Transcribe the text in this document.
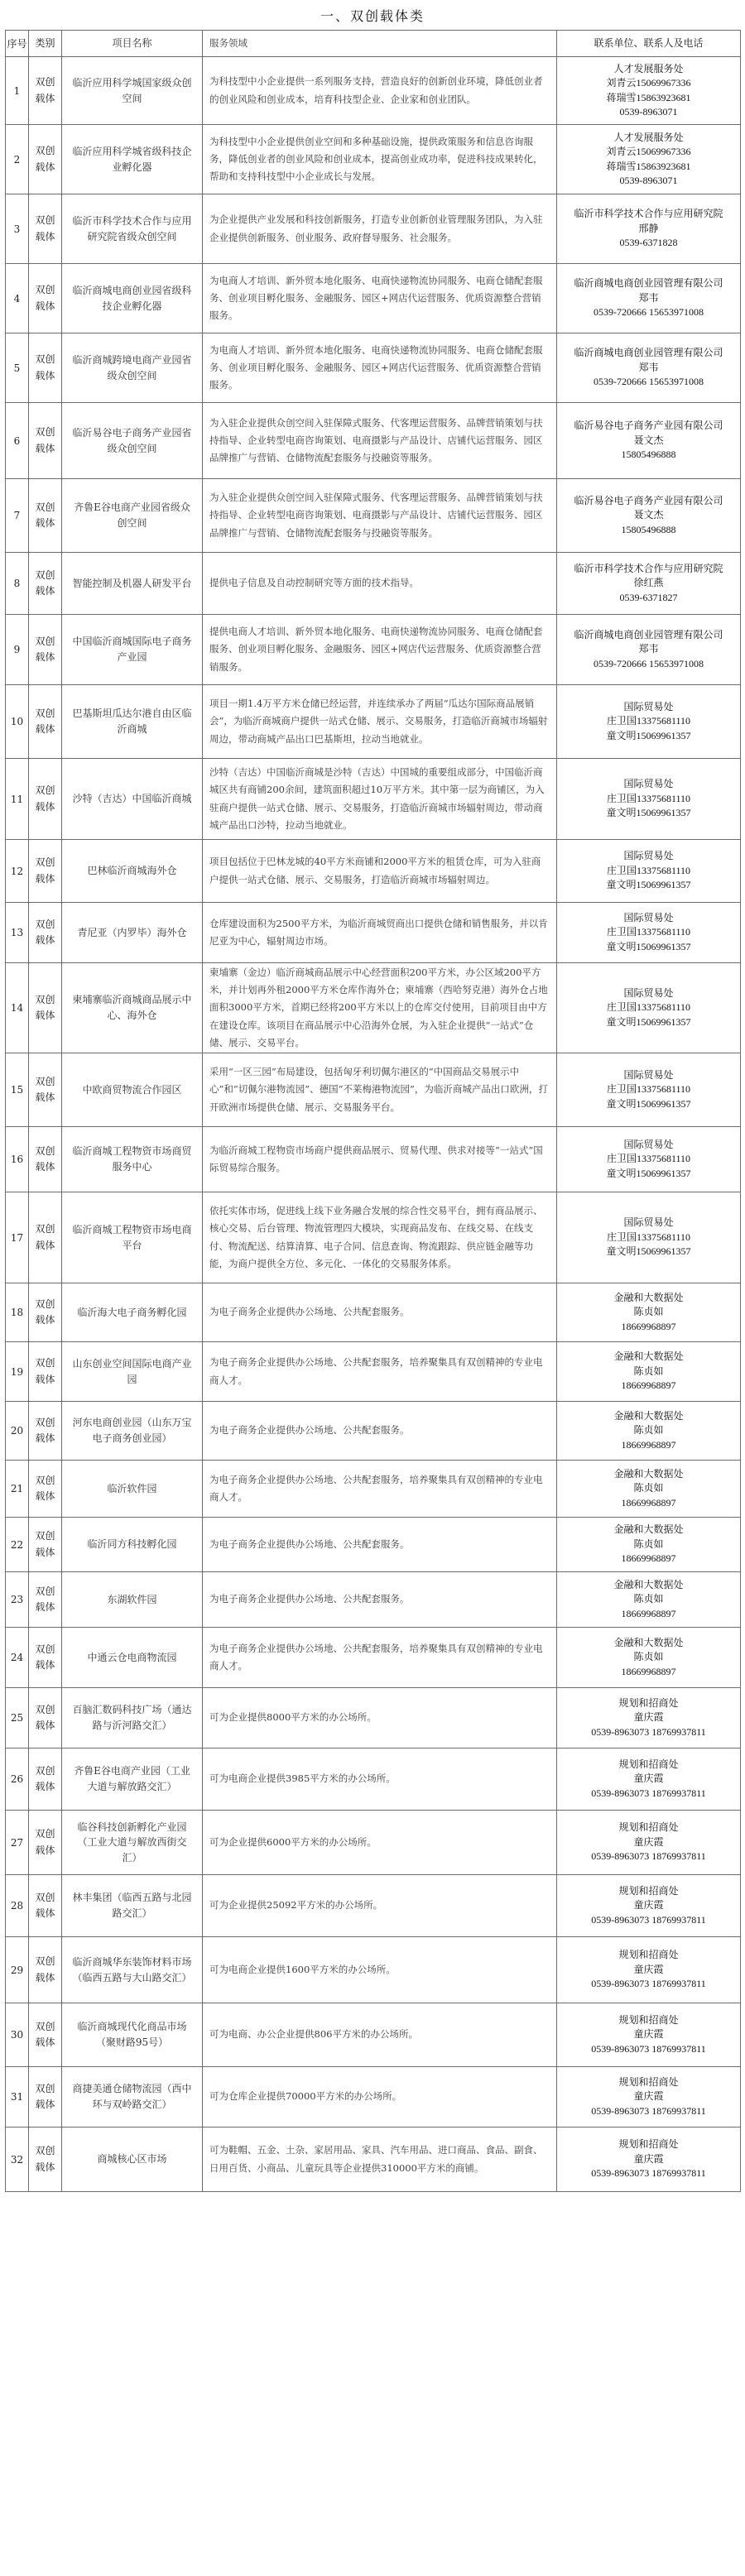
一、双创载体类
序号	类别	项目名称	服务领域	联系单位、联系人及电话
1	双创载体	临沂应用科学城国家级众创空间	为科技型中小企业提供一系列服务支持，营造良好的创新创业环境，降低创业者的创业风险和创业成本，培育科技型企业、企业家和创业团队。	人才发展服务处
刘青云15069967336
蒋瑞雪15863923681
0539-8963071

2	双创载体	临沂应用科学城省级科技企业孵化器	为科技型中小企业提供创业空间和多种基础设施，提供政策服务和信息咨询服务，降低创业者的创业风险和创业成本，提高创业成功率，促进科技成果转化，帮助和支持科技型中小企业成长与发展。	人才发展服务处
刘青云15069967336
蒋瑞雪15863923681
0539-8963071

3	双创载体	临沂市科学技术合作与应用研究院省级众创空间	为企业提供产业发展和科技创新服务，打造专业创新创业管理服务团队，为入驻企业提供创新服务、创业服务、政府督导服务、社会服务。	临沂市科学技术合作与应用研究院
邢静
0539-6371828

4	双创载体	临沂商城电商创业园省级科技企业孵化器	为电商人才培训、新外贸本地化服务、电商快递物流协同服务、电商仓储配套服务、创业项目孵化服务、金融服务、园区+网店代运营服务、优质资源整合营销服务。	临沂商城电商创业园管理有限公司
郑韦
0539-720666 15653971008

5	双创载体	临沂商城跨境电商产业园省级众创空间	为电商人才培训、新外贸本地化服务、电商快递物流协同服务、电商仓储配套服务、创业项目孵化服务、金融服务、园区+网店代运营服务、优质资源整合营销服务。	临沂商城电商创业园管理有限公司
郑韦
0539-720666 15653971008

6	双创载体	临沂易谷电子商务产业园省级众创空间	为入驻企业提供众创空间入驻保障式服务、代客理运营服务、品牌营销策划与扶持指导、企业转型电商咨询策划、电商摄影与产品设计、店铺代运营服务、园区品牌推广与营销、仓储物流配套服务与投融资等服务。	临沂易谷电子商务产业园有限公司
聂文杰
15805496888

7	双创载体	齐鲁E谷电商产业园省级众创空间	为入驻企业提供众创空间入驻保障式服务、代客理运营服务、品牌营销策划与扶持指导、企业转型电商咨询策划、电商摄影与产品设计、店铺代运营服务、园区品牌推广与营销、仓储物流配套服务与投融资等服务。	临沂易谷电子商务产业园有限公司
聂文杰
15805496888

8	双创载体	智能控制及机器人研发平台	提供电子信息及自动控制研究等方面的技术指导。	临沂市科学技术合作与应用研究院
徐红燕
0539-6371827

9	双创载体	中国临沂商城国际电子商务产业园	提供电商人才培训、新外贸本地化服务、电商快递物流协同服务、电商仓储配套服务、创业项目孵化服务、金融服务、园区+网店代运营服务、优质资源整合营销服务。	临沂商城电商创业园管理有限公司
郑韦
0539-720666 15653971008

10	双创载体	巴基斯坦瓜达尔港自由区临沂商城	项目一期1.4万平方米仓储已经运营，并连续承办了两届“瓜达尔国际商品展销会”，为临沂商城商户提供一站式仓储、展示、交易服务，打造临沂商城市场辐射周边，带动商城产品出口巴基斯坦，拉动当地就业。	国际贸易处
庄卫国13375681110
童文明15069961357

11	双创载体	沙特（吉达）中国临沂商城	沙特（吉达）中国临沂商城是沙特（吉达）中国城的重要组成部分，中国临沂商城区共有商铺200余间，建筑面积超过10万平方米。其中第一层为商铺区，为入驻商户提供一站式仓储、展示、交易服务，打造临沂商城市场辐射周边，带动商城产品出口沙特，拉动当地就业。	国际贸易处
庄卫国13375681110
童文明15069961357

12	双创载体	巴林临沂商城海外仓	项目包括位于巴林龙城的40平方米商铺和2000平方米的租赁仓库，可为入驻商户提供一站式仓储、展示、交易服务，打造临沂商城市场辐射周边。	国际贸易处
庄卫国13375681110
童文明15069961357

13	双创载体	青尼亚（内罗毕）海外仓	仓库建设面积为2500平方米，为临沂商城贸商出口提供仓储和销售服务，并以肯尼亚为中心，辐射周边市场。	国际贸易处
庄卫国13375681110
童文明15069961357

14	双创载体	柬埔寨临沂商城商品展示中心、海外仓	柬埔寨（金边）临沂商城商品展示中心经营面积200平方米，办公区域200平方米，并计划再外租2000平方米仓库作海外仓；柬埔寨（西哈努克港）海外仓占地面积3000平方米，首期已经将200平方米以上的仓库交付使用，目前项目由中方在建设仓库。该项目在商品展示中心沿海外仓展，为入驻企业提供“一站式”仓储、展示、交易平台。	国际贸易处
庄卫国13375681110
童文明15069961357

15	双创载体	中欧商贸物流合作园区	采用“一区三园”布局建设，包括匈牙利切佩尔港区的“中国商品交易展示中心”和“切佩尔港物流园”、德国“不莱梅港物流园”，为临沂商城产品出口欧洲，打开欧洲市场提供仓储、展示、交易服务平台。	国际贸易处
庄卫国13375681110
童文明15069961357

16	双创载体	临沂商城工程物资市场商贸服务中心	为临沂商城工程物资市场商户提供商品展示、贸易代理、供求对接等“一站式”国际贸易综合服务。	国际贸易处
庄卫国13375681110
童文明15069961357

17	双创载体	临沂商城工程物资市场电商平台	依托实体市场，促进线上线下业务融合发展的综合性交易平台，拥有商品展示、核心交易、后台管理、物流管理四大模块，实现商品发布、在线交易、在线支付、物流配送、结算清算、电子合同、信息查询、物流跟踪、供应链金融等功能，为商户提供全方位、多元化、一体化的交易服务体系。	国际贸易处
庄卫国13375681110
童文明15069961357

18	双创载体	临沂海大电子商务孵化园	为电子商务企业提供办公场地、公共配套服务。	金融和大数据处
陈贞如
18669968897

19	双创载体	山东创业空间国际电商产业园	为电子商务企业提供办公场地、公共配套服务，培养聚集具有双创精神的专业电商人才。	金融和大数据处
陈贞如
18669968897

20	双创载体	河东电商创业园（山东万宝电子商务创业园）	为电子商务企业提供办公场地、公共配套服务。	金融和大数据处
陈贞如
18669968897

21	双创载体	临沂软件园	为电子商务企业提供办公场地、公共配套服务，培养聚集具有双创精神的专业电商人才。	金融和大数据处
陈贞如
18669968897

22	双创载体	临沂同方科技孵化园	为电子商务企业提供办公场地、公共配套服务。	金融和大数据处
陈贞如
18669968897

23	双创载体	东湖软件园	为电子商务企业提供办公场地、公共配套服务。	金融和大数据处
陈贞如
18669968897

24	双创载体	中通云仓电商物流园	为电子商务企业提供办公场地、公共配套服务，培养聚集具有双创精神的专业电商人才。	金融和大数据处
陈贞如
18669968897

25	双创载体	百脑汇数码科技广场（通达路与沂河路交汇）	可为企业提供8000平方米的办公场所。	规划和招商处
童庆霞
0539-8963073 18769937811

26	双创载体	齐鲁E谷电商产业园（工业大道与解放路交汇）	可为电商企业提供3985平方米的办公场所。	规划和招商处
童庆霞
0539-8963073 18769937811

27	双创载体	临谷科技创新孵化产业园（工业大道与解放西街交汇）	可为企业提供6000平方米的办公场所。	规划和招商处
童庆霞
0539-8963073 18769937811

28	双创载体	林丰集团（临西五路与北园路交汇）	可为企业提供25092平方米的办公场所。	规划和招商处
童庆霞
0539-8963073 18769937811

29	双创载体	临沂商城华东装饰材料市场（临西五路与大山路交汇）	可为电商企业提供1600平方米的办公场所。	规划和招商处
童庆霞
0539-8963073 18769937811

30	双创载体	临沂商城现代化商品市场（聚财路95号）	可为电商、办公企业提供806平方米的办公场所。	规划和招商处
童庆霞
0539-8963073 18769937811

31	双创载体	商捷美通仓储物流园（西中环与双岭路交汇）	可为仓库企业提供70000平方米的办公场所。	规划和招商处
童庆霞
0539-8963073 18769937811

32	双创载体	商城核心区市场	可为鞋帽、五金、土杂、家居用品、家具、汽车用品、进口商品、食品、副食、日用百货、小商品、儿童玩具等企业提供310000平方米的商铺。	规划和招商处
童庆霞
0539-8963073 18769937811
